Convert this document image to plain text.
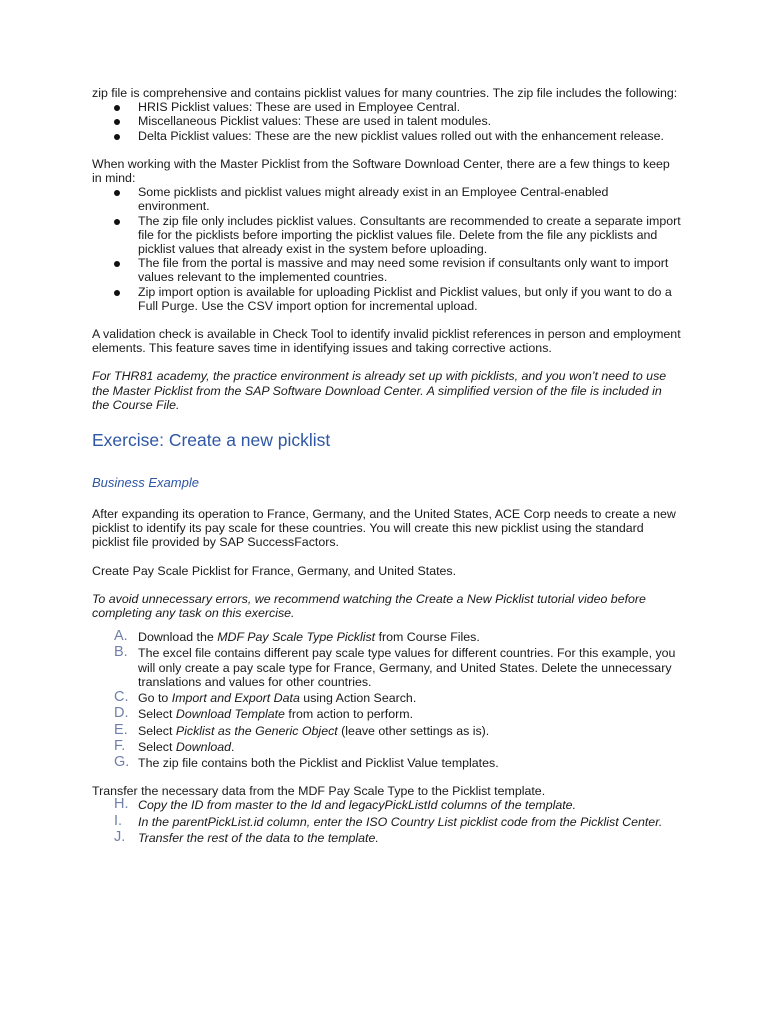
zip file is comprehensive and contains picklist values for many countries. The zip file includes the following:

HRIS Picklist values: These are used in Employee Central.
Miscellaneous Picklist values: These are used in talent modules.
Delta Picklist values: These are the new picklist values rolled out with the enhancement release.

When working with the Master Picklist from the Software Download Center, there are a few things to keep in mind:

Some picklists and picklist values might already exist in an Employee Central-enabled environment.
The zip file only includes picklist values. Consultants are recommended to create a separate import file for the picklists before importing the picklist values file. Delete from the file any picklists and picklist values that already exist in the system before uploading.
The file from the portal is massive and may need some revision if consultants only want to import values relevant to the implemented countries.
Zip import option is available for uploading Picklist and Picklist values, but only if you want to do a Full Purge. Use the CSV import option for incremental upload.

A validation check is available in Check Tool to identify invalid picklist references in person and employment elements. This feature saves time in identifying issues and taking corrective actions.

For THR81 academy, the practice environment is already set up with picklists, and you won’t need to use the Master Picklist from the SAP Software Download Center. A simplified version of the file is included in the Course File.

Exercise: Create a new picklist
Business Example

After expanding its operation to France, Germany, and the United States, ACE Corp needs to create a new picklist to identify its pay scale for these countries. You will create this new picklist using the standard picklist file provided by SAP SuccessFactors.

Create Pay Scale Picklist for France, Germany, and United States.

To avoid unnecessary errors, we recommend watching the Create a New Picklist tutorial video before completing any task on this exercise.

A. Download the MDF Pay Scale Type Picklist from Course Files.
B. The excel file contains different pay scale type values for different countries. For this example, you will only create a pay scale type for France, Germany, and United States. Delete the unnecessary translations and values for other countries.
C. Go to Import and Export Data using Action Search.
D. Select Download Template from action to perform.
E. Select Picklist as the Generic Object (leave other settings as is).
F. Select Download.
G. The zip file contains both the Picklist and Picklist Value templates.

Transfer the necessary data from the MDF Pay Scale Type to the Picklist template.

H. Copy the ID from master to the Id and legacyPickListId columns of the template.
I. In the parentPickList.id column, enter the ISO Country List picklist code from the Picklist Center.
J. Transfer the rest of the data to the template.
